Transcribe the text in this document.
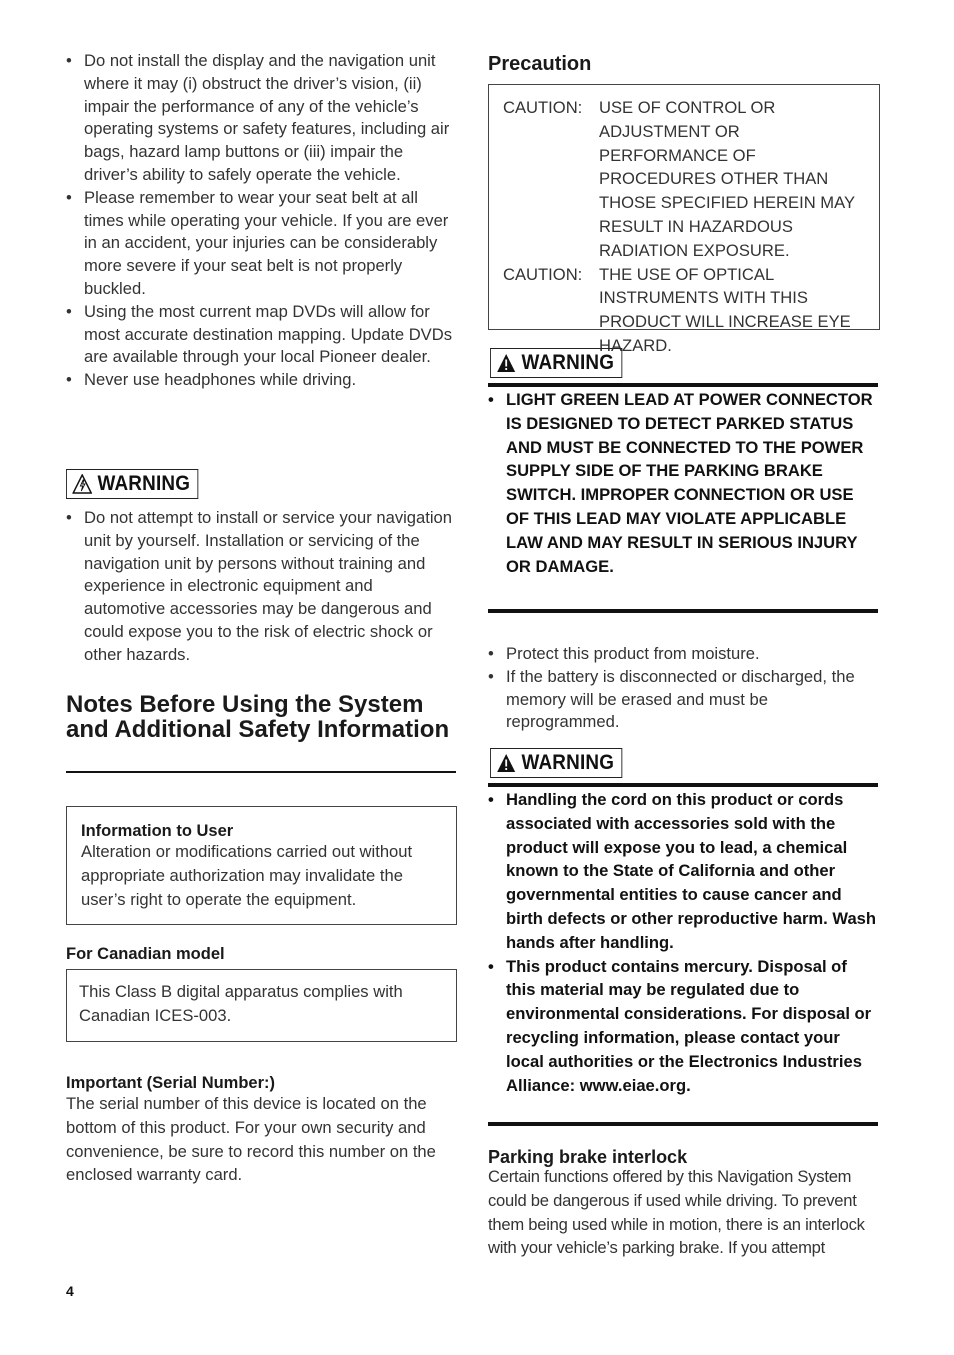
• Do not install the display and the navigation unit where it may (i) obstruct the driver’s vision, (ii) impair the performance of any of the vehicle’s operating systems or safety features, including air bags, hazard lamp buttons or (iii) impair the driver’s ability to safely operate the vehicle.
• Please remember to wear your seat belt at all times while operating your vehicle. If you are ever in an accident, your injuries can be considerably more severe if your seat belt is not properly buckled.
• Using the most current map DVDs will allow for most accurate destination mapping. Update DVDs are available through your local Pioneer dealer.
• Never use headphones while driving.
WARNING
• Do not attempt to install or service your navigation unit by yourself. Installation or servicing of the navigation unit by persons without training and experience in electronic equipment and automotive accessories may be dangerous and could expose you to the risk of electric shock or other hazards.
Notes Before Using the System and Additional Safety Information
Information to User

Alteration or modifications carried out without appropriate authorization may invalidate the user’s right to operate the equipment.

For Canadian model

This Class B digital apparatus complies with Canadian ICES-003.

Important (Serial Number:)

The serial number of this device is located on the bottom of this product. For your own security and convenience, be sure to record this number on the enclosed warranty card.

Precaution
CAUTION:	USE OF CONTROL OR ADJUSTMENT OR PERFORMANCE OF PROCEDURES OTHER THAN THOSE SPECIFIED HEREIN MAY RESULT IN HAZARDOUS RADIATION EXPOSURE.
CAUTION:	THE USE OF OPTICAL INSTRUMENTS WITH THIS PRODUCT WILL INCREASE EYE HAZARD.
WARNING
• LIGHT GREEN LEAD AT POWER CONNECTOR IS DESIGNED TO DETECT PARKED STATUS AND MUST BE CONNECTED TO THE POWER SUPPLY SIDE OF THE PARKING BRAKE SWITCH. IMPROPER CONNECTION OR USE OF THIS LEAD MAY VIOLATE APPLICABLE LAW AND MAY RESULT IN SERIOUS INJURY OR DAMAGE.
• Protect this product from moisture.
• If the battery is disconnected or discharged, the memory will be erased and must be reprogrammed.
WARNING
• Handling the cord on this product or cords associated with accessories sold with the product will expose you to lead, a chemical known to the State of California and other governmental entities to cause cancer and birth defects or other reproductive harm. Wash hands after handling.
• This product contains mercury. Disposal of this material may be regulated due to environmental considerations. For disposal or recycling information, please contact your local authorities or the Electronics Industries Alliance: www.eiae.org.
Parking brake interlock

Certain functions offered by this Navigation System could be dangerous if used while driving. To prevent them being used while in motion, there is an interlock with your vehicle’s parking brake. If you attempt

4
